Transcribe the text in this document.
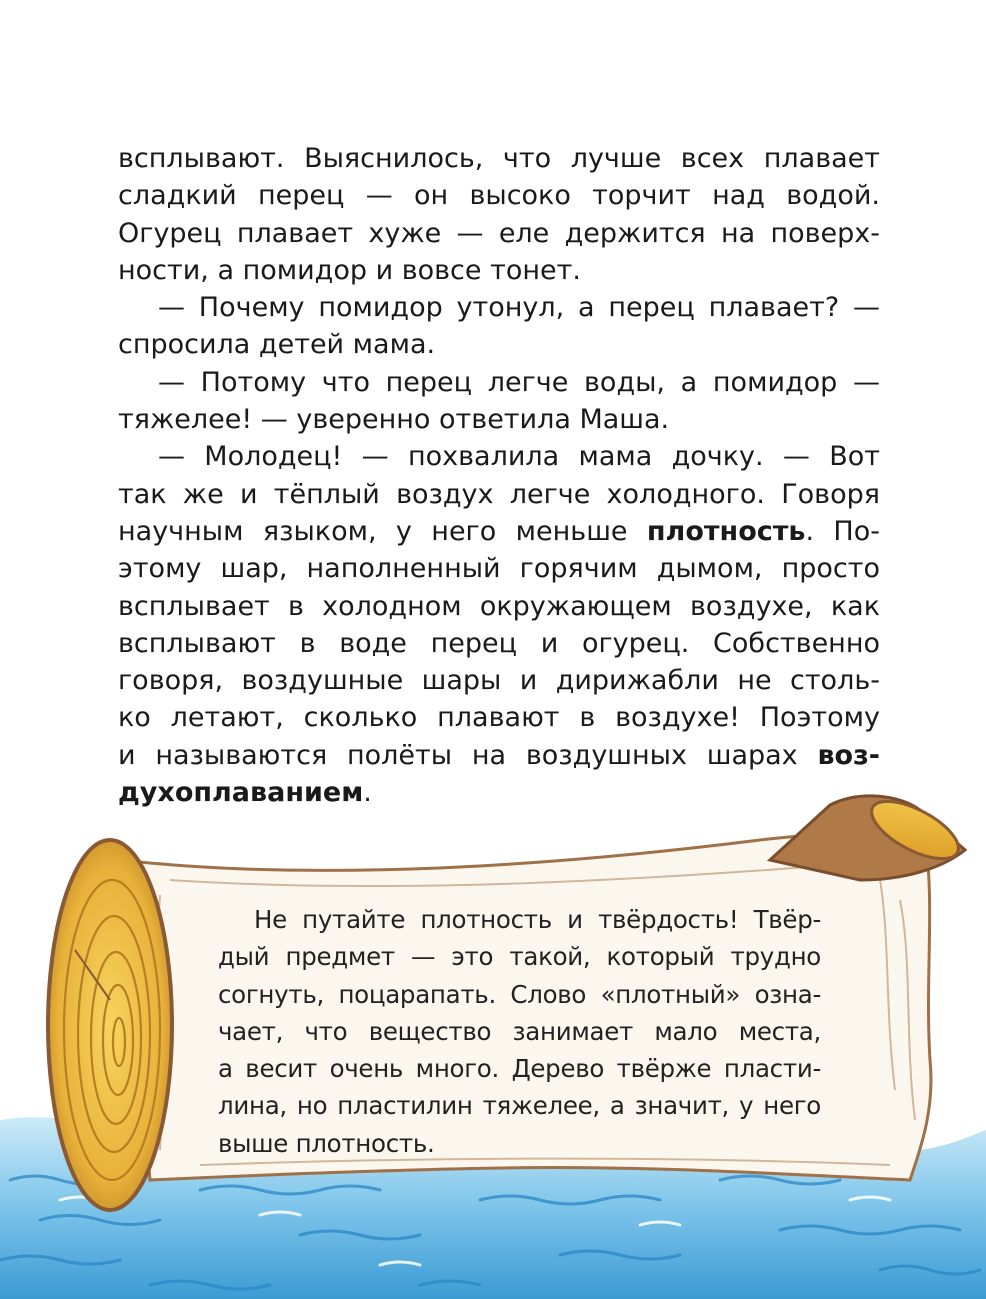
всплывают. Выяснилось, что лучше всех плавает
сладкий перец — он высоко торчит над водой.
Огурец плавает хуже — еле держится на поверх-
ности, а помидор и вовсе тонет.
— Почему помидор утонул, а перец плавает? —
спросила детей мама.
— Потому что перец легче воды, а помидор —
тяжелее! — уверенно ответила Маша.
— Молодец! — похвалила мама дочку. — Вот
так же и тёплый воздух легче холодного. Говоря
научным языком, у него меньше плотность. По-
этому шар, наполненный горячим дымом, просто
всплывает в холодном окружающем воздухе, как
всплывают в воде перец и огурец. Собственно
говоря, воздушные шары и дирижабли не столь-
ко летают, сколько плавают в воздухе! Поэтому
и называются полёты на воздушных шарах воз-
духоплаванием.
Не путайте плотность и твёрдость! Твёр-
дый предмет — это такой, который трудно
согнуть, поцарапать. Слово «плотный» озна-
чает, что вещество занимает мало места,
а весит очень много. Дерево твёрже пласти-
лина, но пластилин тяжелее, а значит, у него
выше плотность.
